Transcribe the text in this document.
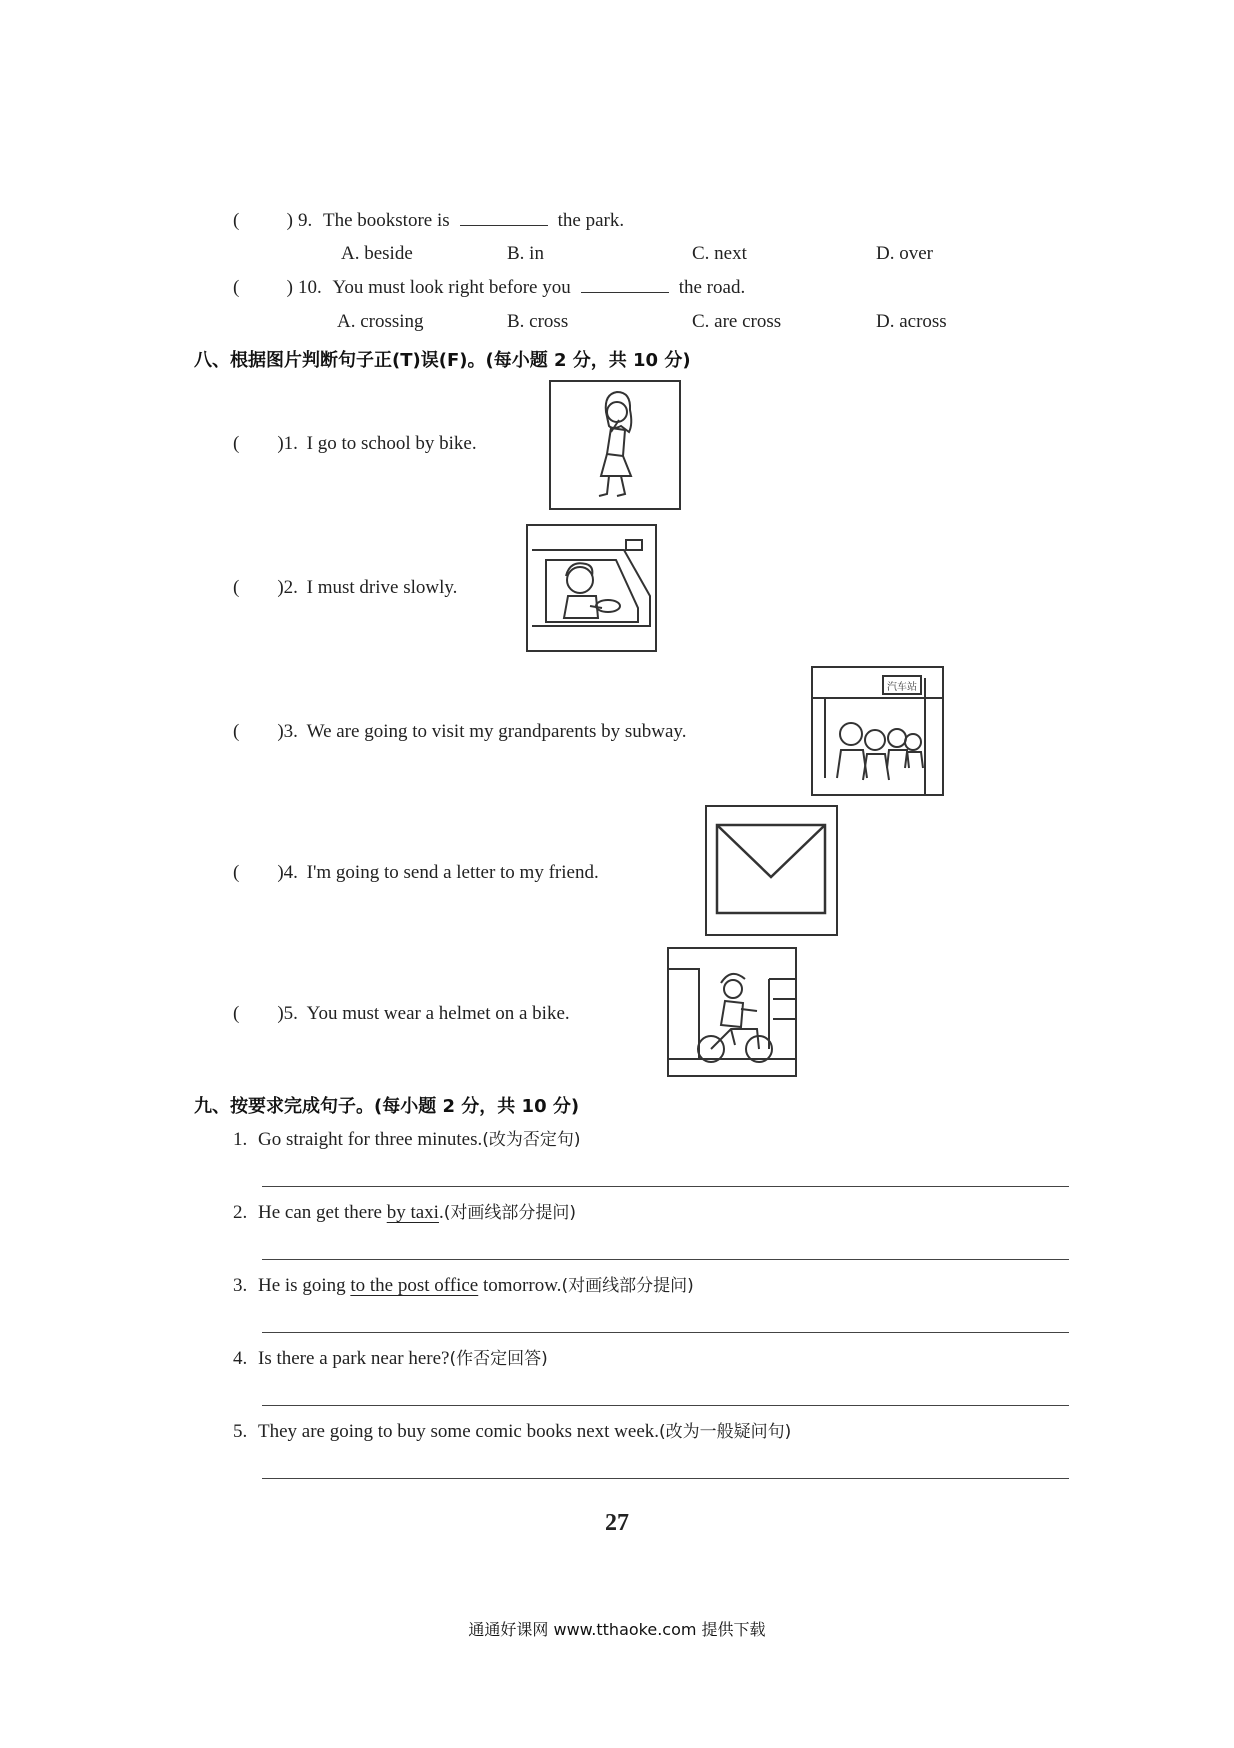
( ) 9. The bookstore is	the park.
A. beside	B. in	C. next	D. over
( ) 10. You must look right before you	the road.
A. crossing	B. cross	C. are cross	D. across
八、根据图片判断句子正(T)误(F)。(每小题 2 分，共 10 分)
( )1. I go to school by bike.
( )2. I must drive slowly.
( )3. We are going to visit my grandparents by subway.
汽车站
( )4. I'm going to send a letter to my friend.
( )5. You must wear a helmet on a bike.
九、按要求完成句子。(每小题 2 分，共 10 分)
1. Go straight for three minutes.(改为否定句)
2. He can get there by taxi.(对画线部分提问)
3. He is going to the post office tomorrow.(对画线部分提问)
4. Is there a park near here?(作否定回答)
5. They are going to buy some comic books next week.(改为一般疑问句)
27
通通好课网 www.tthaoke.com 提供下载
